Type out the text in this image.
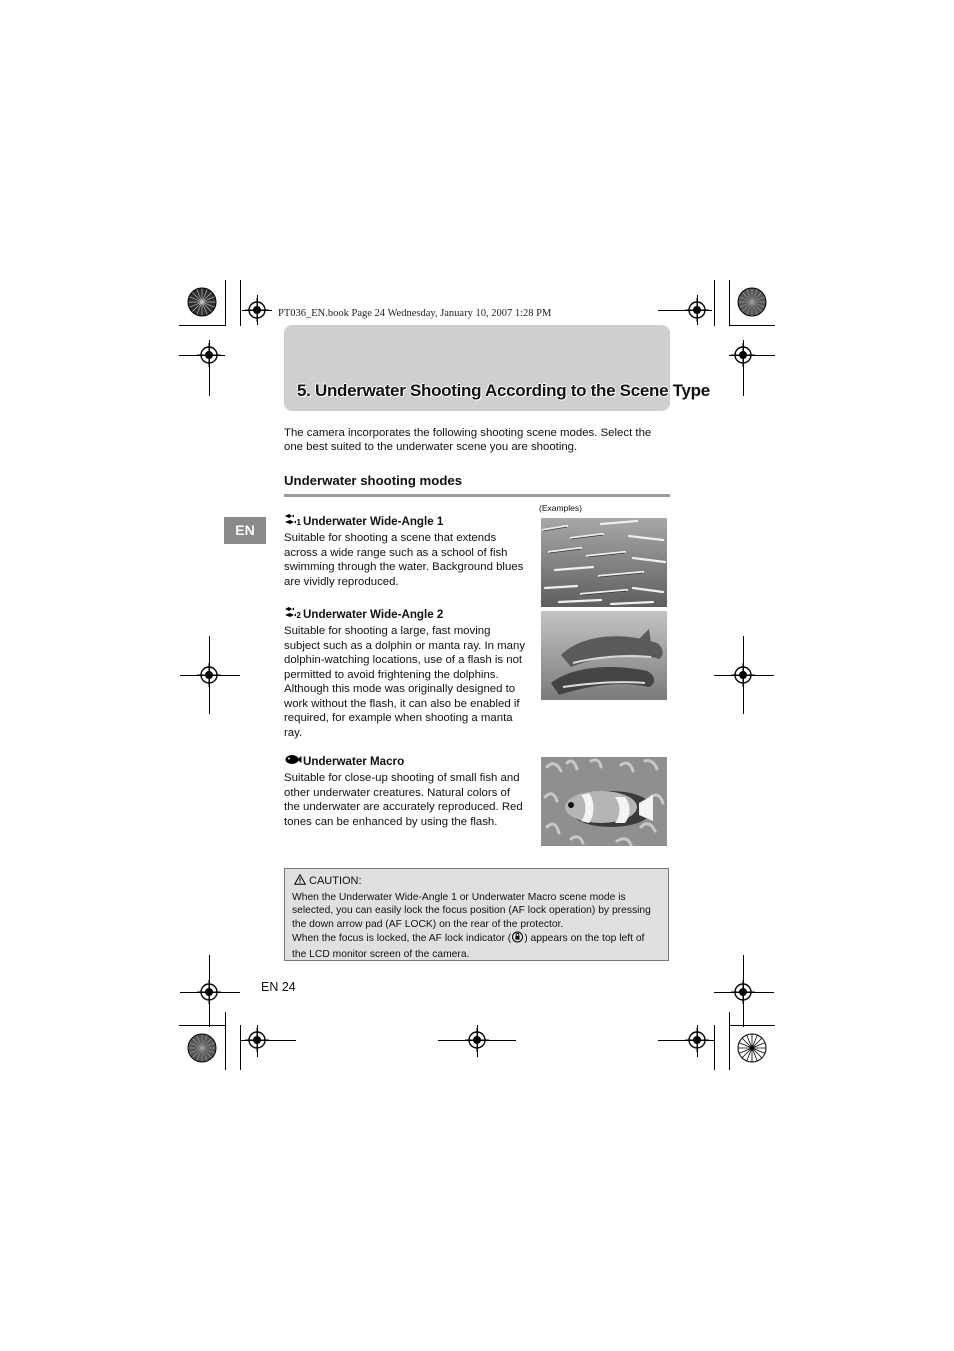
PT036_EN.book Page 24 Wednesday, January 10, 2007 1:28 PM
5. Underwater Shooting According to the Scene Type
The camera incorporates the following shooting scene modes. Select the one best suited to the underwater scene you are shooting.
Underwater shooting modes
(Examples)
EN	1 Underwater Wide-Angle 1
Suitable for shooting a scene that extends across a wide range such as a school of fish swimming through the water. Background blues are vividly reproduced.
2 Underwater Wide-Angle 2
Suitable for shooting a large, fast moving subject such as a dolphin or manta ray. In many dolphin-watching locations, use of a flash is not permitted to avoid frightening the dolphins. Although this mode was originally designed to work without the flash, it can also be enabled if required, for example when shooting a manta ray.
Underwater Macro
Suitable for close-up shooting of small fish and other underwater creatures. Natural colors of the underwater are accurately reproduced. Red tones can be enhanced by using the flash.
CAUTION:
When the Underwater Wide-Angle 1 or Underwater Macro scene mode is selected, you can easily lock the focus position (AF lock operation) by pressing the down arrow pad (AF LOCK) on the rear of the protector.
When the focus is locked, the AF lock indicator ( ) appears on the top left of the LCD monitor screen of the camera.
EN 24
